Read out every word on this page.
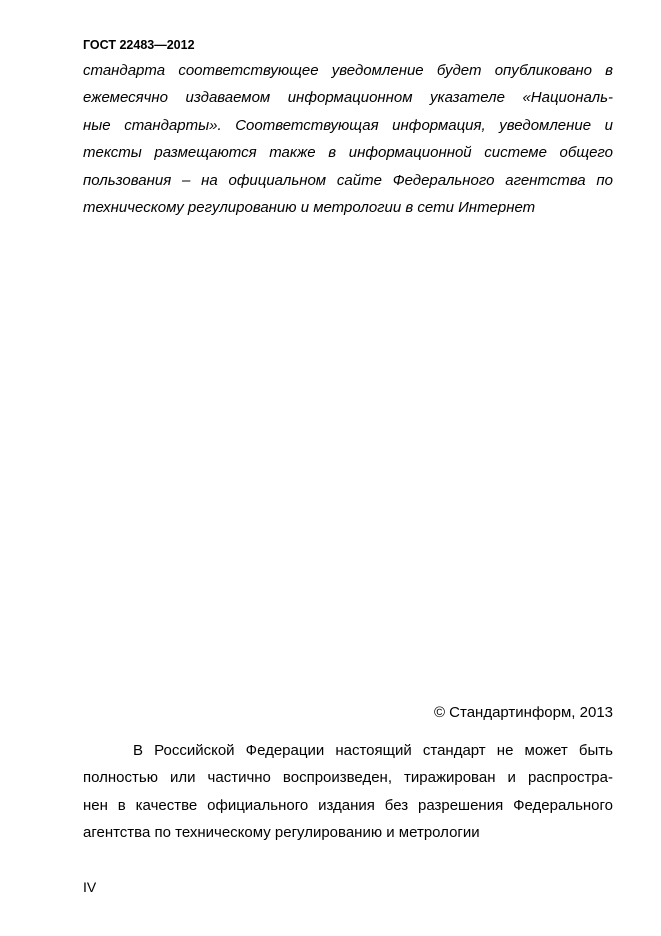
ГОСТ 22483—2012
стандарта соответствующее уведомление будет опубликовано в
ежемесячно издаваемом информационном указателе «Националь-
ные стандарты». Соответствующая информация, уведомление и
тексты размещаются также в информационной системе общего
пользования – на официальном сайте Федерального агентства по
техническому регулированию и метрологии в сети Интернет
© Стандартинформ, 2013
В Российской Федерации настоящий стандарт не может быть
полностью или частично воспроизведен, тиражирован и распростра-
нен в качестве официального издания без разрешения Федерального
агентства по техническому регулированию и метрологии
IV
